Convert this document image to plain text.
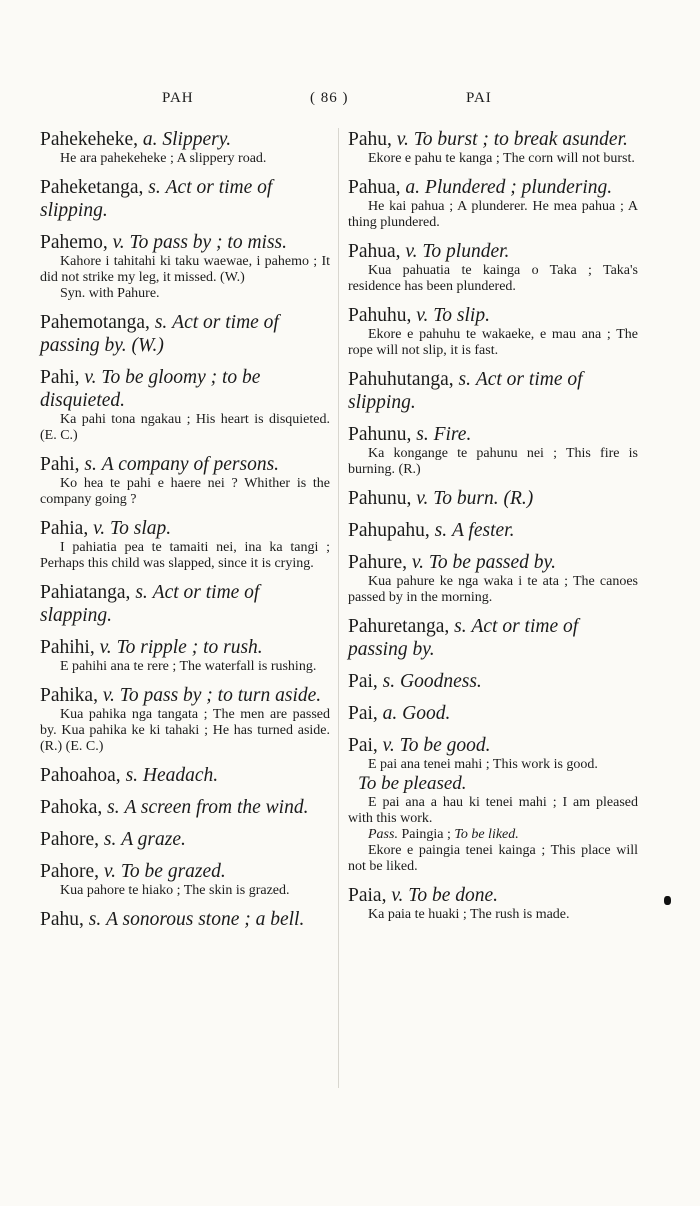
PAH	( 86 )	PAI
Pahekeheke, a. Slippery.
He ara pahekeheke ; A slippery road.
Paheketanga, s. Act or time of slipping.
Pahemo, v. To pass by ; to miss.
Kahore i tahitahi ki taku waewae, i pahemo ; It did not strike my leg, it missed. (W.)
Syn. with Pahure.
Pahemotanga, s. Act or time of passing by. (W.)
Pahi, v. To be gloomy ; to be disquieted.
Ka pahi tona ngakau ; His heart is disquieted. (E. C.)
Pahi, s. A company of persons.
Ko hea te pahi e haere nei ? Whither is the company going ?
Pahia, v. To slap.
I pahiatia pea te tamaiti nei, ina ka tangi ; Perhaps this child was slapped, since it is crying.
Pahiatanga, s. Act or time of slapping.
Pahihi, v. To ripple ; to rush.
E pahihi ana te rere ; The waterfall is rushing.
Pahika, v. To pass by ; to turn aside.
Kua pahika nga tangata ; The men are passed by. Kua pahika ke ki tahaki ; He has turned aside. (R.) (E. C.)
Pahoahoa, s. Headach.
Pahoka, s. A screen from the wind.
Pahore, s. A graze.
Pahore, v. To be grazed.
Kua pahore te hiako ; The skin is grazed.
Pahu, s. A sonorous stone ; a bell.
Pahu, v. To burst ; to break asunder.
Ekore e pahu te kanga ; The corn will not burst.
Pahua, a. Plundered ; plundering.
He kai pahua ; A plunderer. He mea pahua ; A thing plundered.
Pahua, v. To plunder.
Kua pahuatia te kainga o Taka ; Taka's residence has been plundered.
Pahuhu, v. To slip.
Ekore e pahuhu te wakaeke, e mau ana ; The rope will not slip, it is fast.
Pahuhutanga, s. Act or time of slipping.
Pahunu, s. Fire.
Ka kongange te pahunu nei ; This fire is burning. (R.)
Pahunu, v. To burn. (R.)
Pahupahu, s. A fester.
Pahure, v. To be passed by.
Kua pahure ke nga waka i te ata ; The canoes passed by in the morning.
Pahuretanga, s. Act or time of passing by.
Pai, s. Goodness.
Pai, a. Good.
Pai, v. To be good.
E pai ana tenei mahi ; This work is good.
To be pleased.
E pai ana a hau ki tenei mahi ; I am pleased with this work.
Pass. Paingia ; To be liked.
Ekore e paingia tenei kainga ; This place will not be liked.
Paia, v. To be done.
Ka paia te huaki ; The rush is made.
